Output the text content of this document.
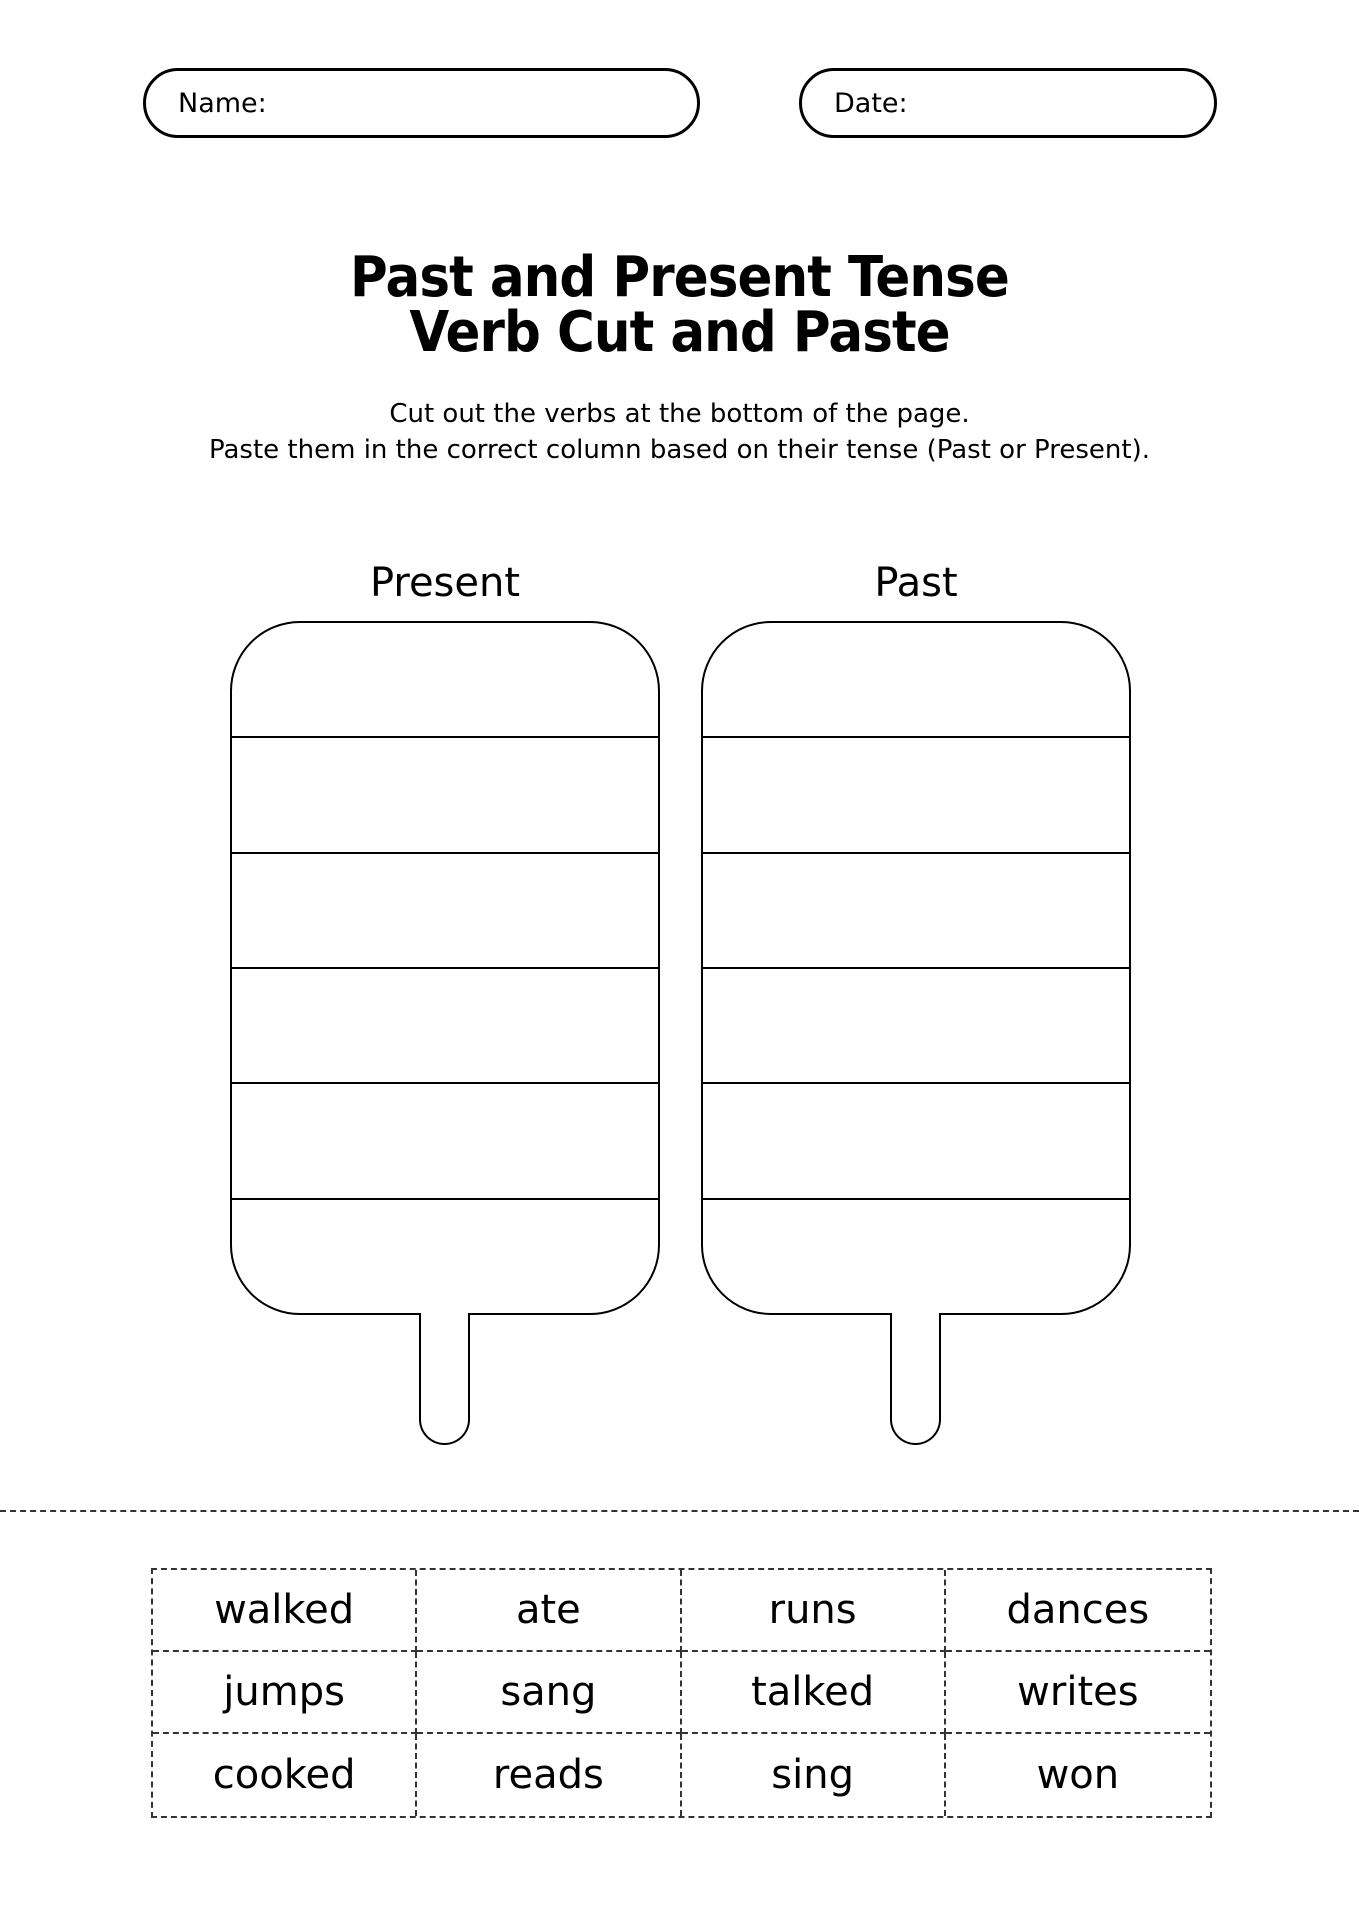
Name:	Date:
Past and Present Tense
Verb Cut and Paste
Cut out the verbs at the bottom of the page.
Paste them in the correct column based on their tense (Past or Present).
Present	Past
walked	ate	runs	dances
jumps	sang	talked	writes
cooked	reads	sing	won
